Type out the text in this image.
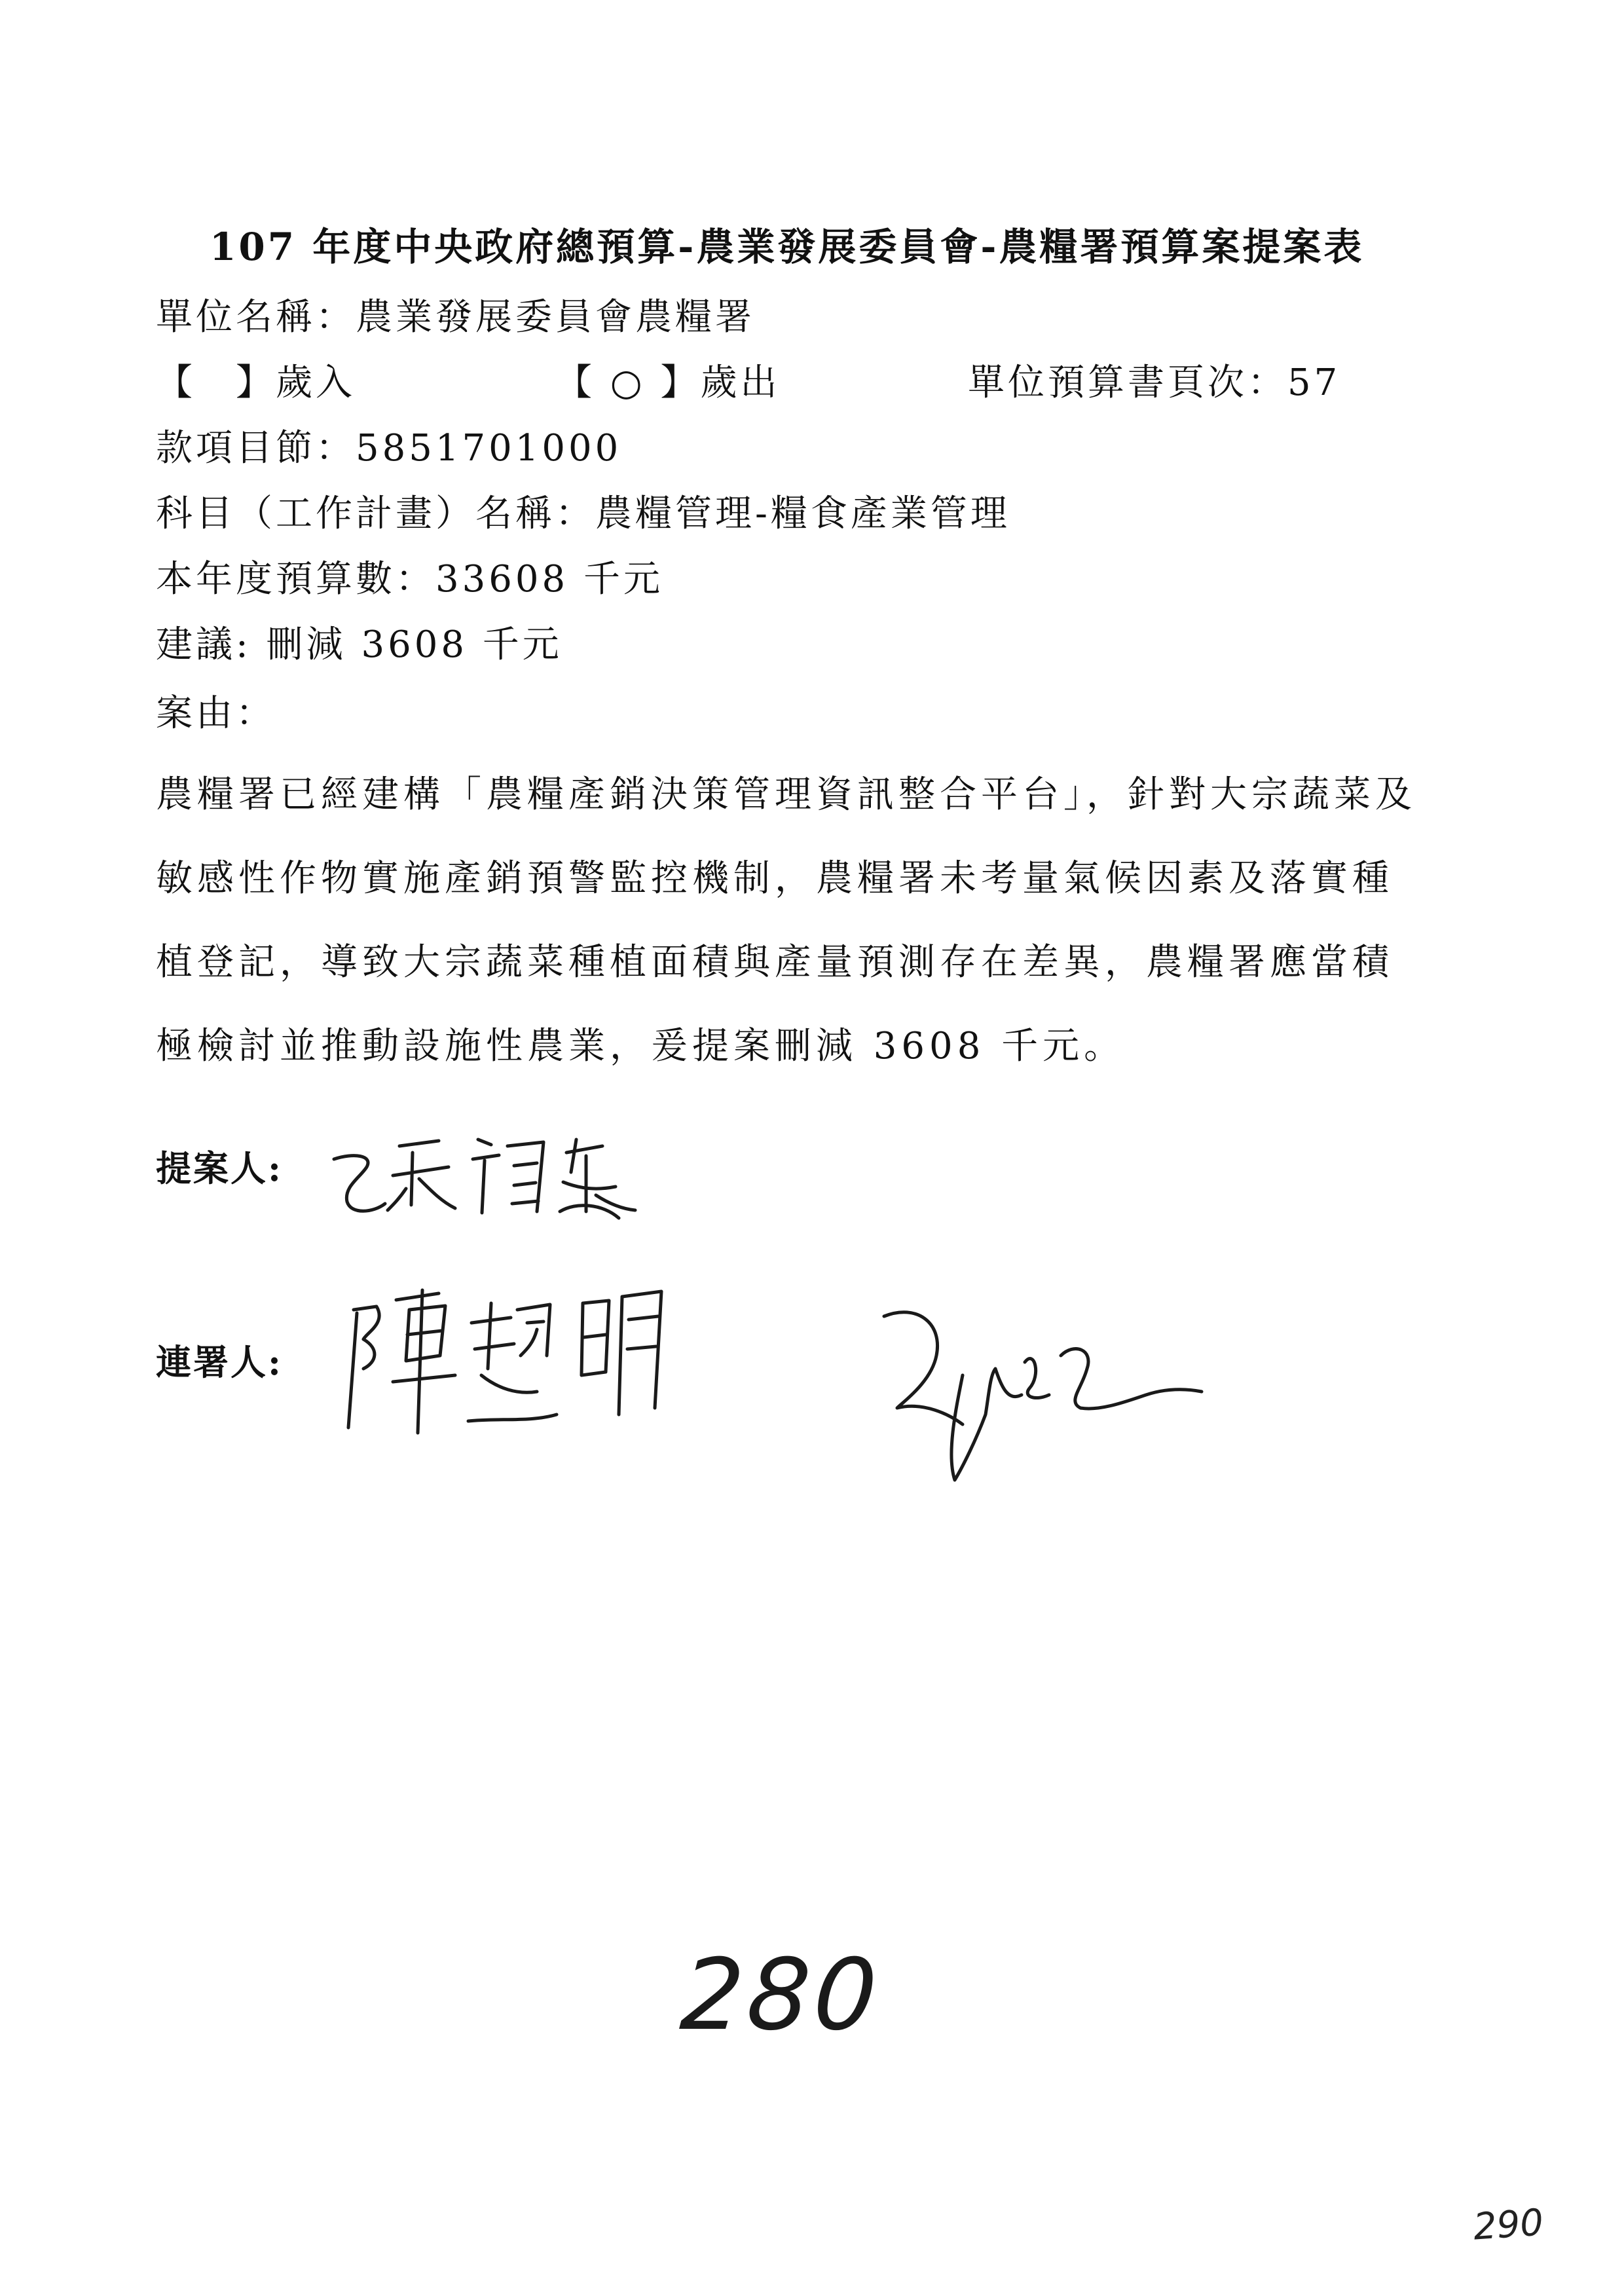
107 年度中央政府總預算-農業發展委員會-農糧署預算案提案表
單位名稱：農業發展委員會農糧署
【　】歲入	【 ○ 】歲出	單位預算書頁次：57
款項目節：5851701000
科目（工作計畫）名稱：農糧管理-糧食產業管理
本年度預算數：33608 千元
建議: 刪減 3608 千元
案由：

農糧署已經建構「農糧產銷決策管理資訊整合平台」，針對大宗蔬菜及

敏感性作物實施產銷預警監控機制，農糧署未考量氣候因素及落實種

植登記，導致大宗蔬菜種植面積與產量預測存在差異，農糧署應當積

極檢討並推動設施性農業，爰提案刪減 3608 千元。

提案人:
連署人:
280
290
